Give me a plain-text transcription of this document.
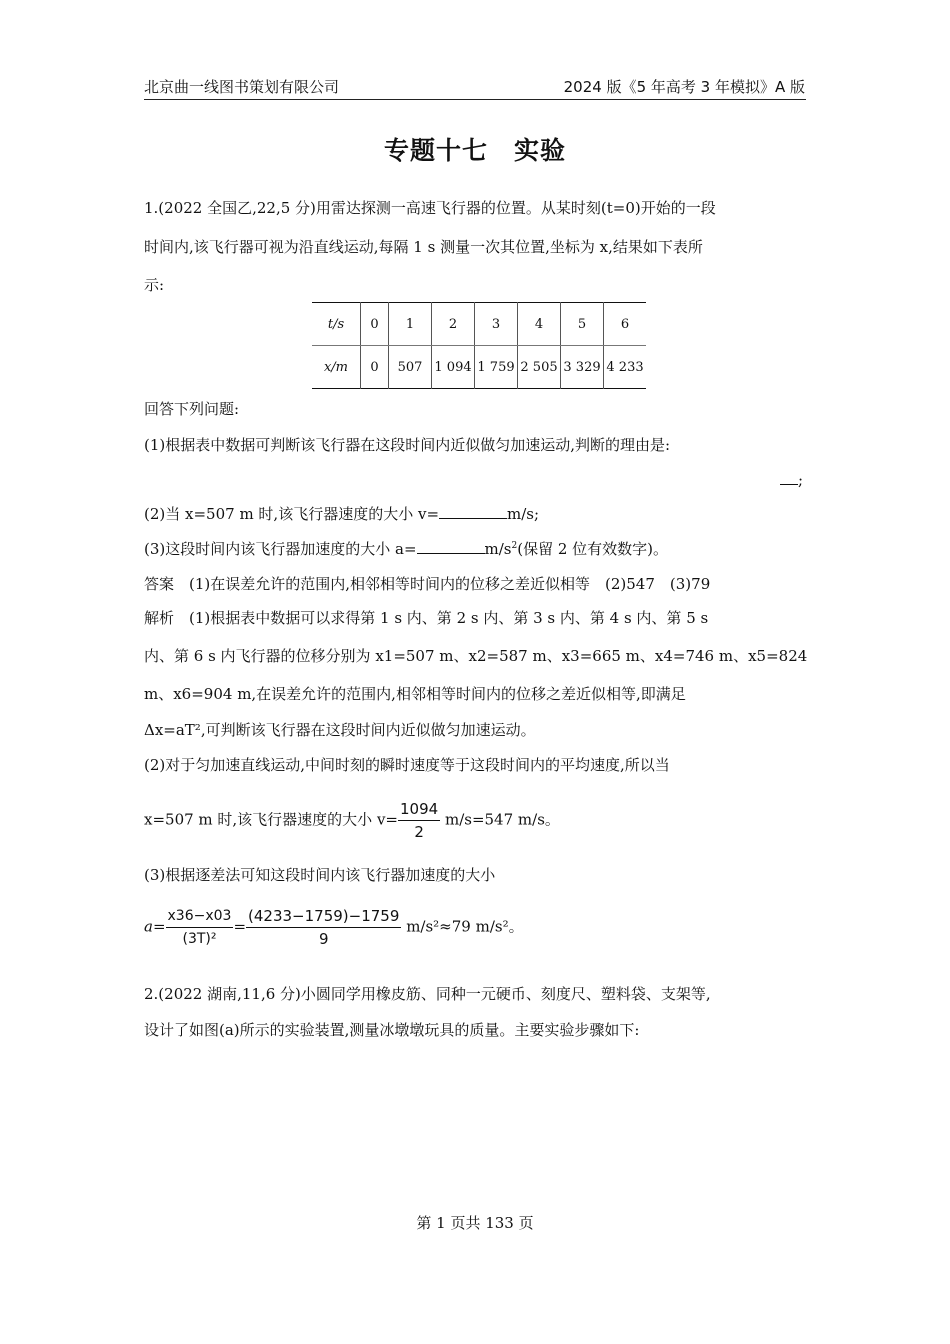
北京曲一线图书策划有限公司	2024 版《5 年高考 3 年模拟》A 版
专题十七　实验
1.(2022 全国乙,22,5 分)用雷达探测一高速飞行器的位置。从某时刻(t=0)开始的一段
时间内,该飞行器可视为沿直线运动,每隔 1 s 测量一次其位置,坐标为 x,结果如下表所
示:
t/s	0	1	2	3	4	5	6
x/m	0	507	1 094	1 759	2 505	3 329	4 233
回答下列问题:
(1)根据表中数据可判断该飞行器在这段时间内近似做匀加速运动,判断的理由是:
;
(2)当 x=507 m 时,该飞行器速度的大小 v=	m/s;
(3)这段时间内该飞行器加速度的大小 a=	$m/s^2$(保留 2 位有效数字)。
答案　(1)在误差允许的范围内,相邻相等时间内的位移之差近似相等　(2)547　(3)79
解析　(1)根据表中数据可以求得第 1 s 内、第 2 s 内、第 3 s 内、第 4 s 内、第 5 s
内、第 6 s 内飞行器的位移分别为 x1=507 m、x2=587 m、x3=665 m、x4=746 m、x5=824
m、x6=904 m,在误差允许的范围内,相邻相等时间内的位移之差近似相等,即满足
Δx=aT²,可判断该飞行器在这段时间内近似做匀加速运动。
(2)对于匀加速直线运动,中间时刻的瞬时速度等于这段时间内的平均速度,所以当
x=507 m 时,该飞行器速度的大小 $v= \frac{1094}{2} m/s=547$ m/s。
(3)根据逐差法可知这段时间内该飞行器加速度的大小
$a= \frac{x36-x03}{\text{(3T)²}} = \frac{(4233-1759)-1759}{9} m/s^2\approx 79$ m/s²。
2.(2022 湖南,11,6 分)小圆同学用橡皮筋、同种一元硬币、刻度尺、塑料袋、支架等,
设计了如图(a)所示的实验装置,测量冰墩墩玩具的质量。主要实验步骤如下:
第 1 页共 133 页
